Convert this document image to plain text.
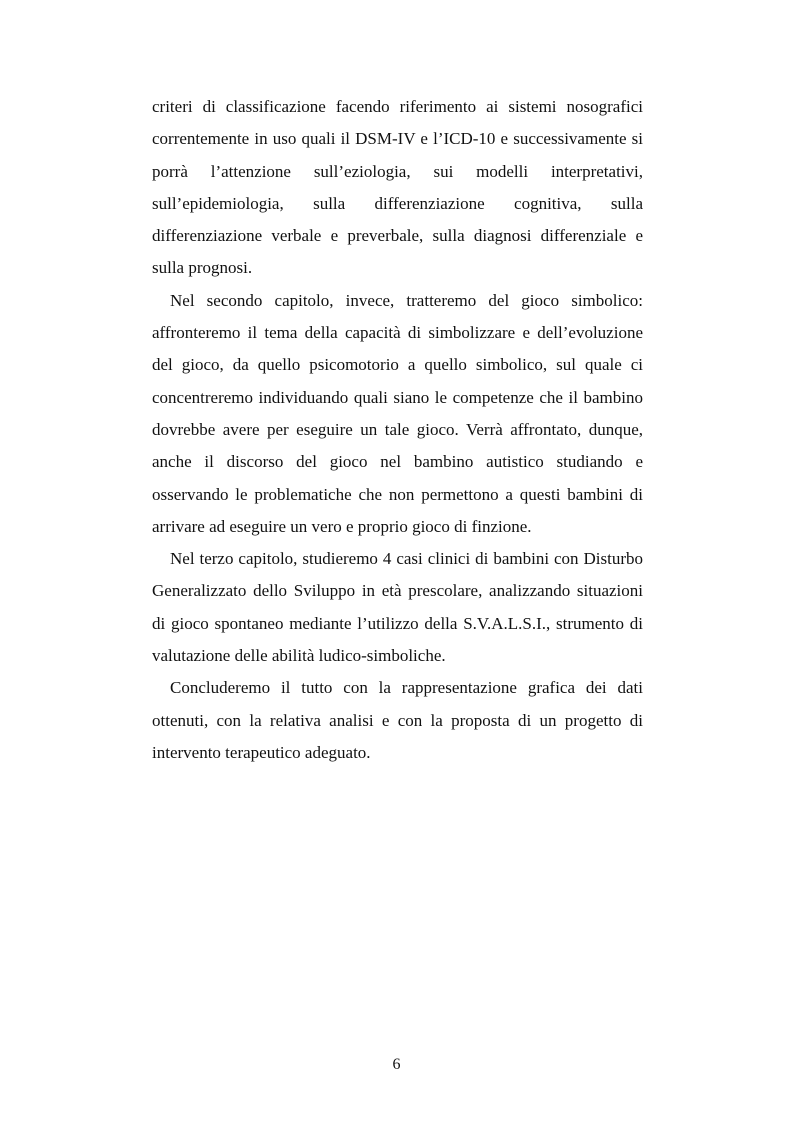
criteri di classificazione facendo riferimento ai sistemi nosografici correntemente in uso quali il DSM-IV e l’ICD-10 e successivamente si porrà l’attenzione sull’eziologia, sui modelli interpretativi, sull’epidemiologia, sulla differenziazione cognitiva, sulla differenziazione verbale e preverbale, sulla diagnosi differenziale e sulla prognosi.

Nel secondo capitolo, invece, tratteremo del gioco simbolico: affronteremo il tema della capacità di simbolizzare e dell’evoluzione del gioco, da quello psicomotorio a quello simbolico, sul quale ci concentreremo individuando quali siano le competenze che il bambino dovrebbe avere per eseguire un tale gioco. Verrà affrontato, dunque, anche il discorso del gioco nel bambino autistico studiando e osservando le problematiche che non permettono a questi bambini di arrivare ad eseguire un vero e proprio gioco di finzione.

Nel terzo capitolo, studieremo 4 casi clinici di bambini con Disturbo Generalizzato dello Sviluppo in età prescolare, analizzando situazioni di gioco spontaneo mediante l’utilizzo della S.V.A.L.S.I., strumento di valutazione delle abilità ludico-simboliche.

Concluderemo il tutto con la rappresentazione grafica dei dati ottenuti, con la relativa analisi e con la proposta di un progetto di intervento terapeutico adeguato.

6
